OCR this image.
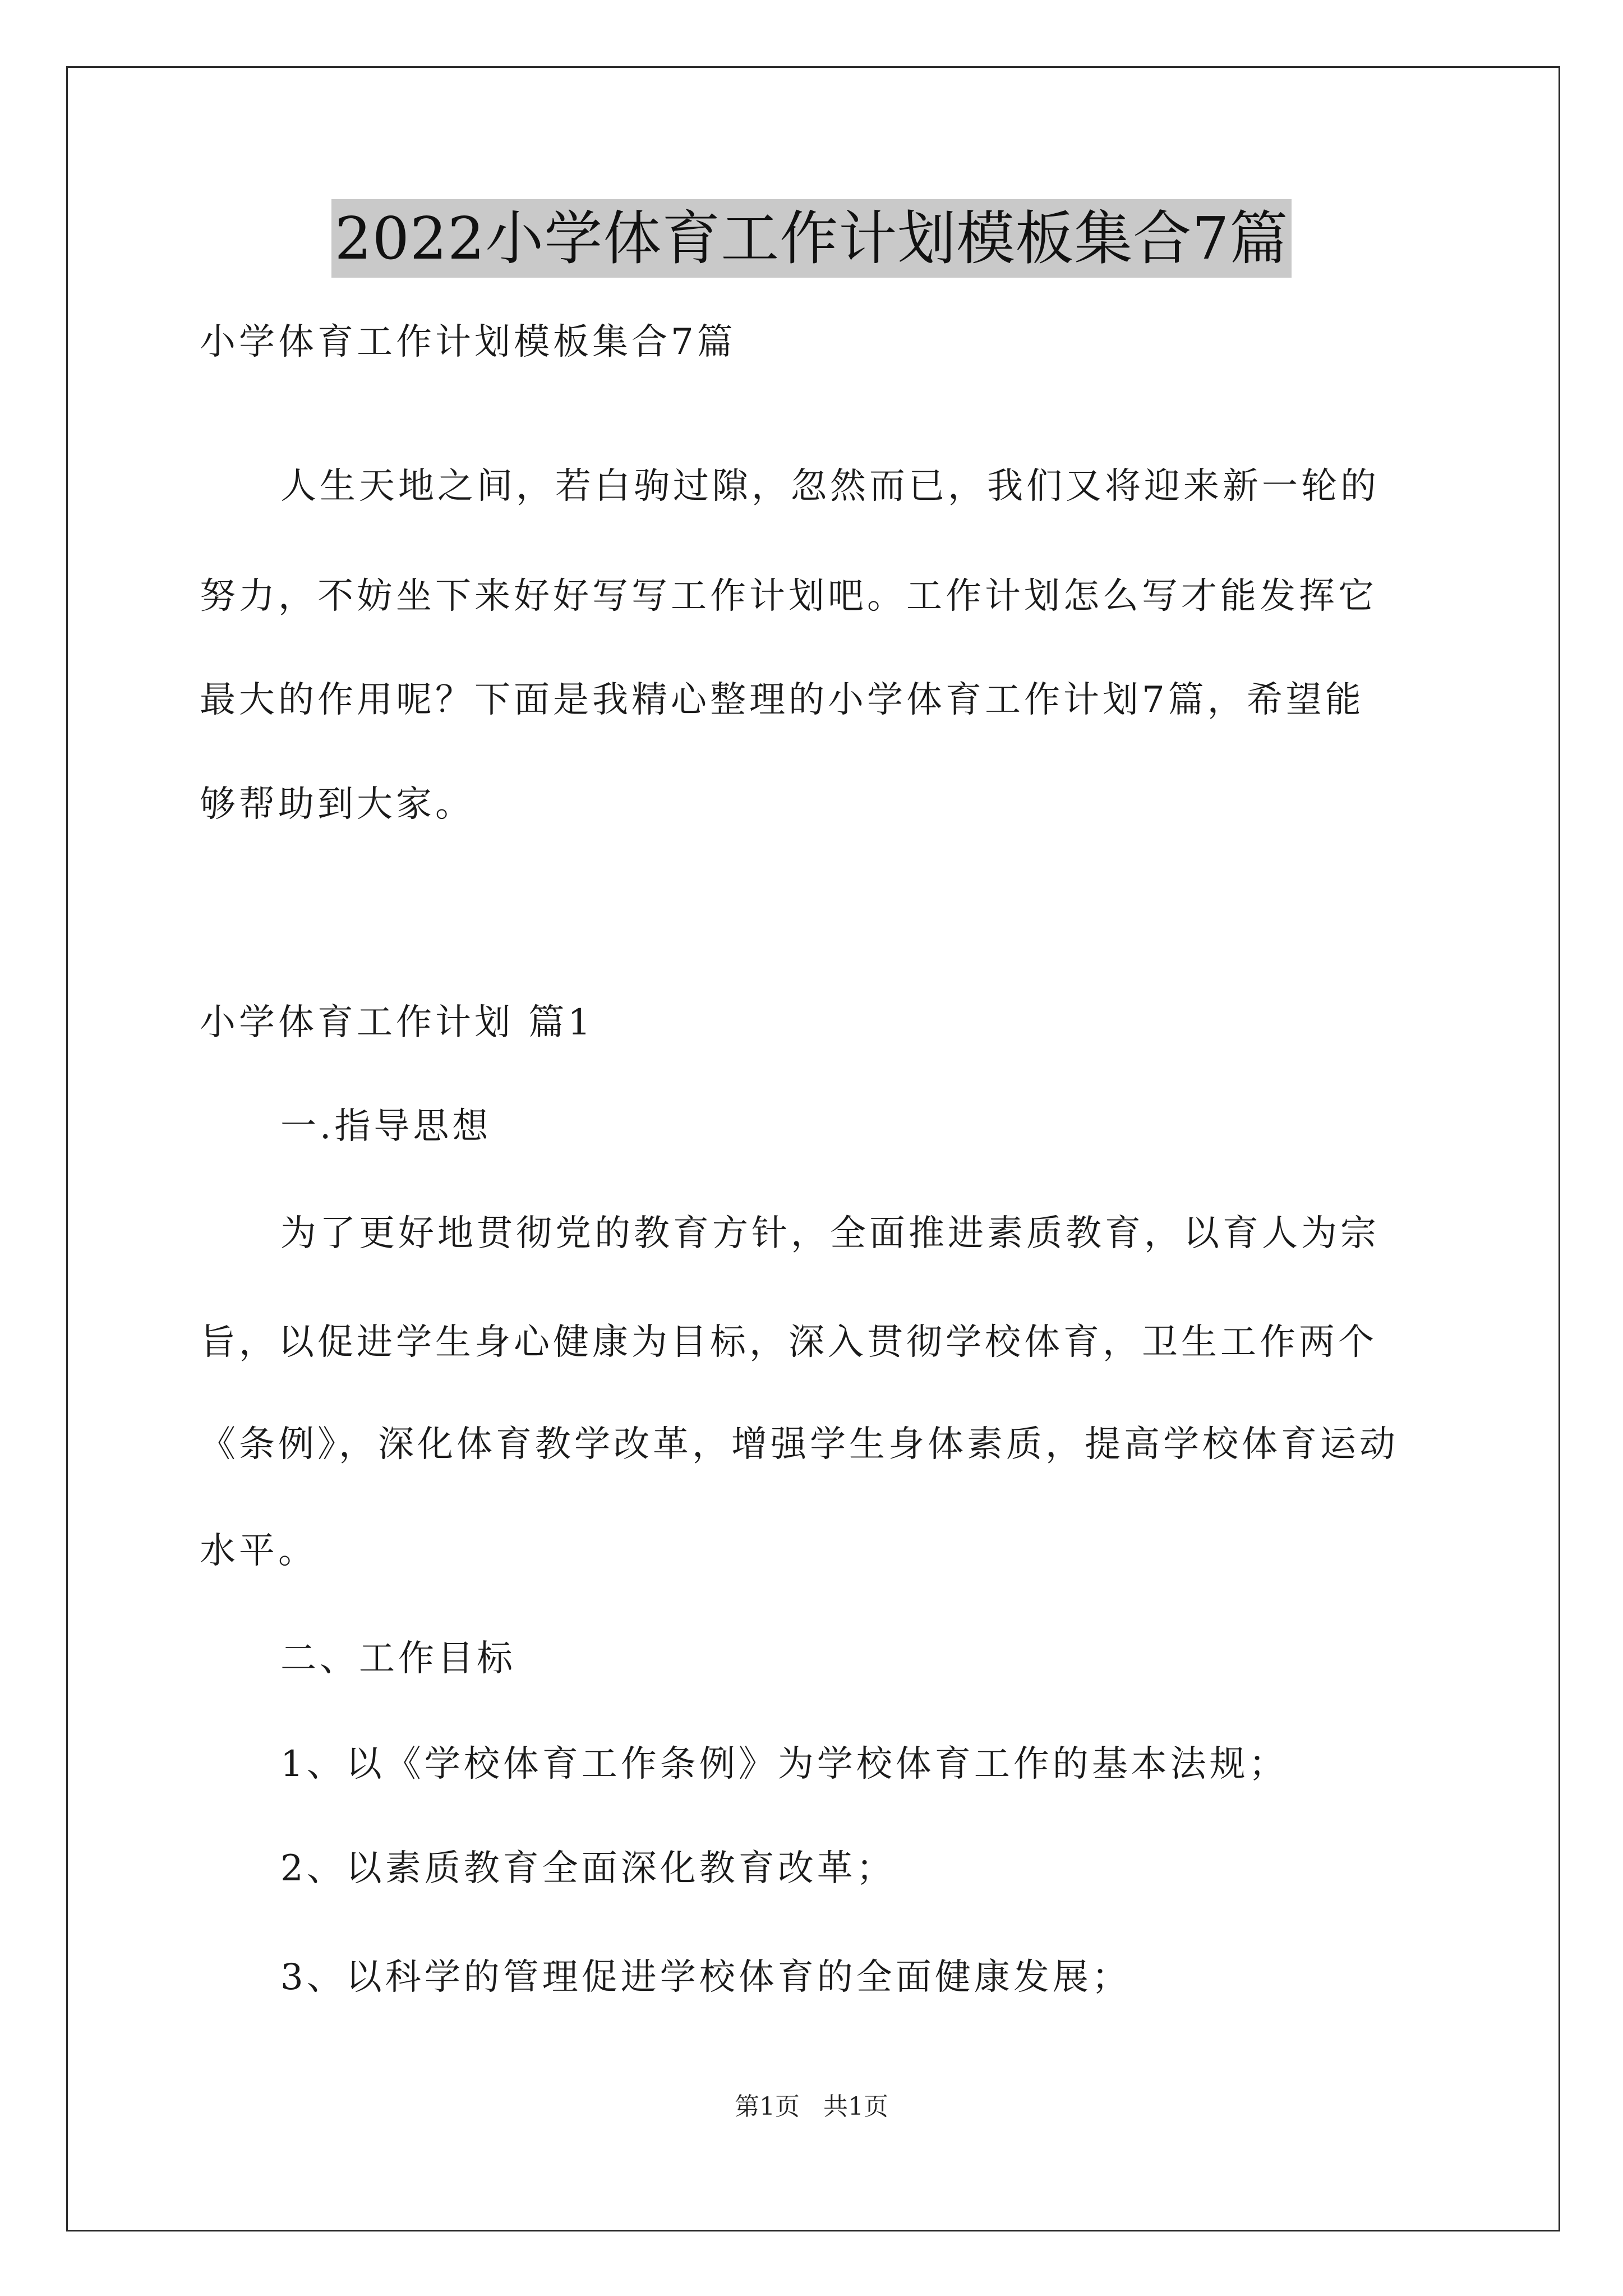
2022小学体育工作计划模板集合7篇
小学体育工作计划模板集合7篇
人生天地之间，若白驹过隙，忽然而已，我们又将迎来新一轮的
努力，不妨坐下来好好写写工作计划吧。工作计划怎么写才能发挥它
最大的作用呢？下面是我精心整理的小学体育工作计划7篇，希望能
够帮助到大家。
小学体育工作计划 篇1
一.指导思想
为了更好地贯彻党的教育方针，全面推进素质教育，以育人为宗
旨，以促进学生身心健康为目标，深入贯彻学校体育，卫生工作两个
《条例》，深化体育教学改革，增强学生身体素质，提高学校体育运动
水平。
二、工作目标
1、以《学校体育工作条例》为学校体育工作的基本法规；
2、以素质教育全面深化教育改革；
3、以科学的管理促进学校体育的全面健康发展；
第1页   共1页
